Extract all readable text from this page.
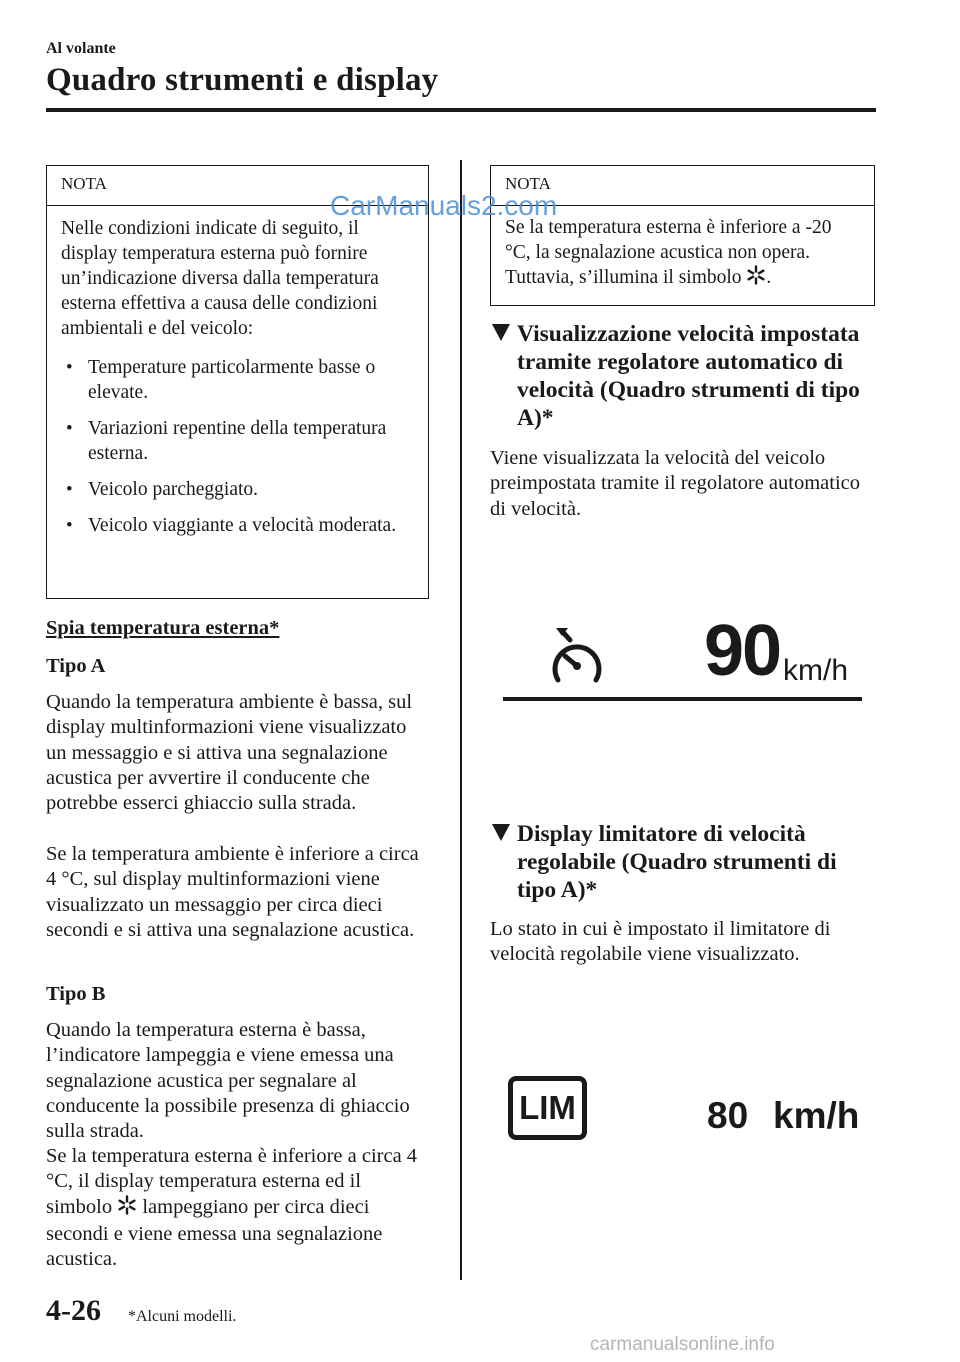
Al volante
Quadro strumenti e display
NOTA
Nelle condizioni indicate di seguito, il display temperatura esterna può fornire un’indicazione diversa dalla temperatura esterna effettiva a causa delle condizioni ambientali e del veicolo:
• Temperature particolarmente basse o elevate.
• Variazioni repentine della temperatura esterna.
• Veicolo parcheggiato.
• Veicolo viaggiante a velocità moderata.
Spia temperatura esterna*
Tipo A
Quando la temperatura ambiente è bassa, sul display multinformazioni viene visualizzato un messaggio e si attiva una segnalazione acustica per avvertire il conducente che potrebbe esserci ghiaccio sulla strada.
Se la temperatura ambiente è inferiore a circa 4 °C, sul display multinformazioni viene visualizzato un messaggio per circa dieci secondi e si attiva una segnalazione acustica.
Tipo B
Quando la temperatura esterna è bassa, l’indicatore lampeggia e viene emessa una segnalazione acustica per segnalare al conducente la possibile presenza di ghiaccio sulla strada.
Se la temperatura esterna è inferiore a circa 4 °C, il display temperatura esterna ed il simbolo lampeggiano per circa dieci secondi e viene emessa una segnalazione acustica.
NOTA
Se la temperatura esterna è inferiore a -20 °C, la segnalazione acustica non opera. Tuttavia, s’illumina il simbolo .
CarManuals2.com
Visualizzazione velocità impostata tramite regolatore automatico di velocità (Quadro strumenti di tipo A)*
Viene visualizzata la velocità del veicolo preimpostata tramite il regolatore automatico di velocità.
90 km/h
Display limitatore di velocità regolabile (Quadro strumenti di tipo A)*
Lo stato in cui è impostato il limitatore di velocità regolabile viene visualizzato.
LIM	80 km/h
4-26 *Alcuni modelli.
carmanualsonline.info
